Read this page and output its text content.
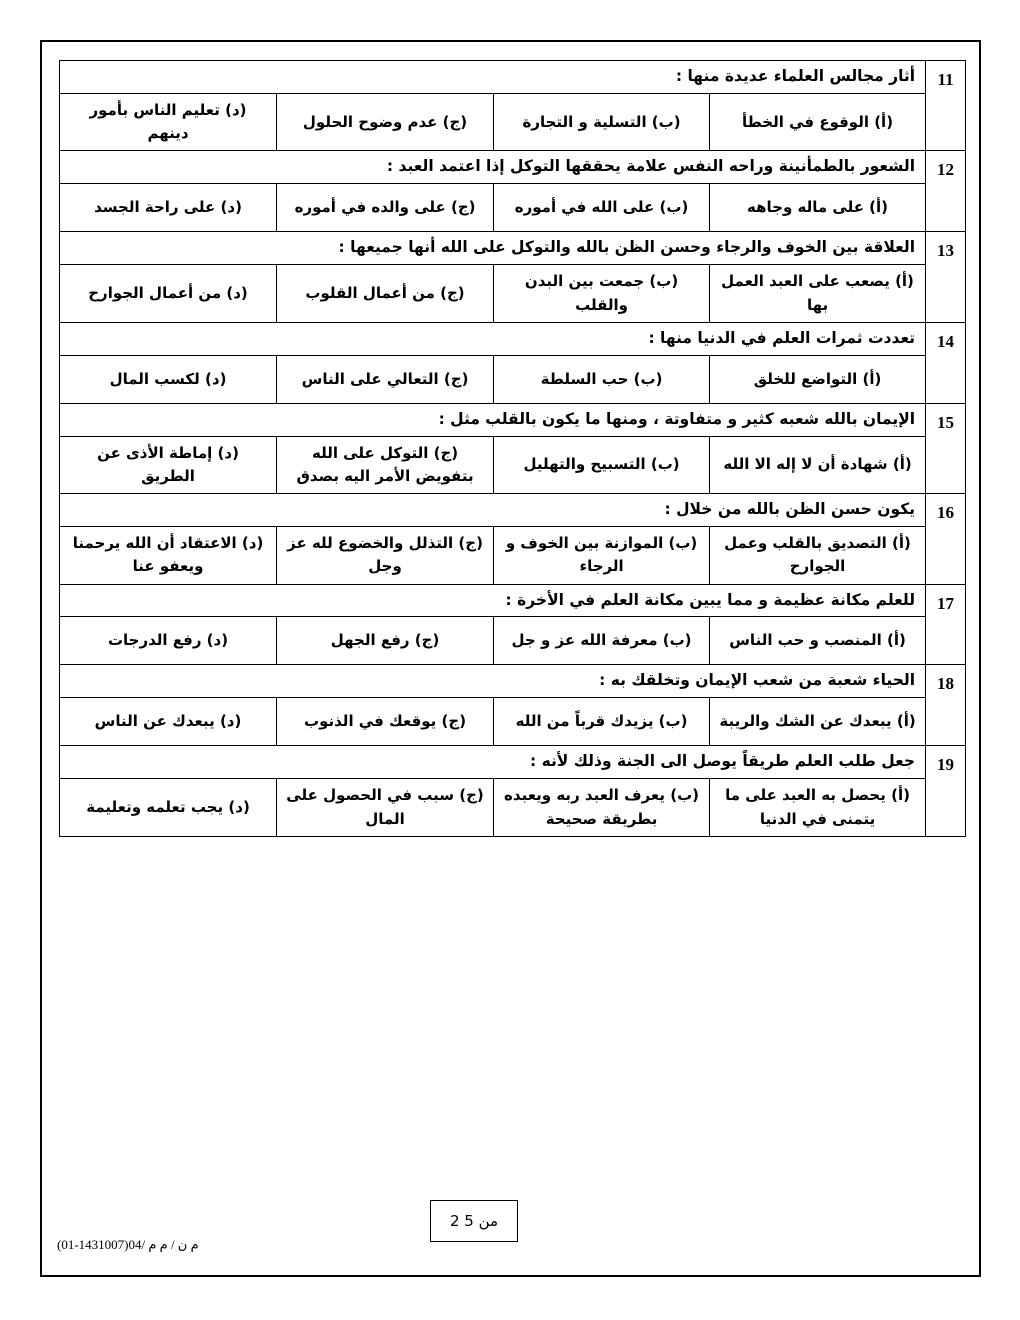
11	أثار مجالس العلماء عديدة منها :			
	(أ) الوقوع في الخطأ	(ب) التسلية و التجارة	(ج) عدم وضوح الحلول	(د) تعليم الناس بأمور دينهم
12	الشعور بالطمأنينة وراحه النفس علامة يحققها التوكل إذا اعتمد العبد :			
	(أ) على ماله وجاهه	(ب) على الله في أموره	(ج) على والده في أموره	(د) على راحة الجسد
13	العلاقة بين الخوف والرجاء وحسن الظن بالله والتوكل على الله أنها جميعها :			
	(أ) يصعب على العبد العمل بها	(ب) جمعت بين البدن والقلب	(ج) من أعمال القلوب	(د) من أعمال الجوارح
14	تعددت ثمرات العلم في الدنيا منها :			
	(أ) التواضع للخلق	(ب) حب السلطة	(ج) التعالي على الناس	(د) لكسب المال
15	الإيمان بالله شعبه كثير و متفاوتة ، ومنها ما يكون بالقلب مثل :			
	(أ) شهادة أن لا إله الا الله	(ب) التسبيح والتهليل	(ج) التوكل على الله بتفويض الأمر اليه بصدق	(د) إماطة الأذى عن الطريق
16	يكون حسن الظن بالله من خلال :			
	(أ) التصديق بالقلب وعمل الجوارح	(ب) الموازنة بين الخوف و الرجاء	(ج) التذلل والخضوع لله عز وجل	(د) الاعتقاد أن الله يرحمنا ويعفو عنا
17	للعلم مكانة عظيمة و مما يبين مكانة العلم في الأخرة :			
	(أ) المنصب و حب الناس	(ب) معرفة الله عز و جل	(ج) رفع الجهل	(د) رفع الدرجات
18	الحياء شعبة من شعب الإيمان وتخلقك به :			
	(أ) يبعدك عن الشك والريبة	(ب) يزيدك قرباً من الله	(ج) يوقعك في الذنوب	(د) يبعدك عن الناس
19	جعل طلب العلم طريقاً يوصل الى الجنة وذلك لأنه :			
	(أ) يحصل به العبد على ما يتمنى في الدنيا	(ب) يعرف العبد ربه ويعبده بطريقة صحيحة	(ج) سبب في الحصول على المال	(د) يجب تعلمه وتعليمة
2 من 5
(01-1431007)04/ م م / ن م
